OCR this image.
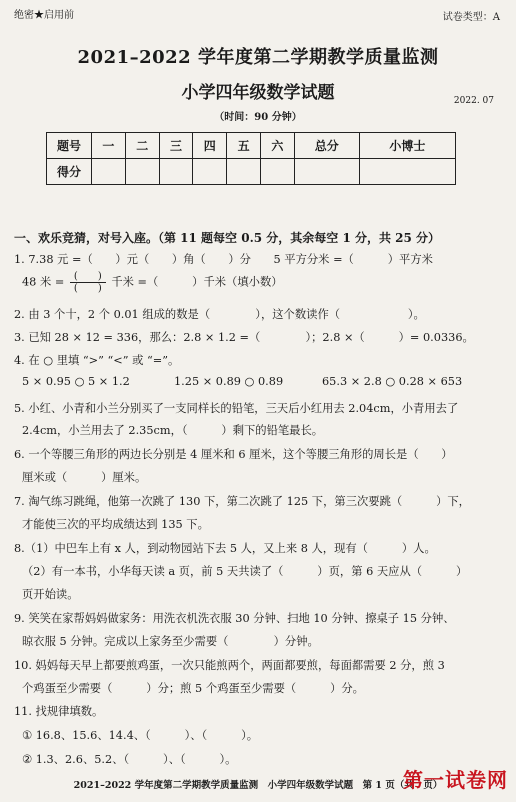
绝密★启用前	试卷类型：A
2021–2022 学年度第二学期教学质量监测
小学四年级数学试题	2022. 07
（时间：90 分钟）
题号	一	二	三	四	五	六	总分	小博士
得分								
一、欢乐竞猜，对号入座。（第 11 题每空 0.5 分，其余每空 1 分，共 25 分）
1. 7.38 元 =（　　）元（　　）角（　　）分　　5 平方分米 =（　　　）平方米
48 米 = $\frac{( )}{( )}$ 千米 =（　　　）千米（填小数）
2. 由 3 个十，2 个 0.01 组成的数是（　　　　），这个数读作（　　　　　　）。
3. 已知 28 × 12 = 336，那么：2.8 × 1.2 =（　　　　）；2.8 ×（　　　）= 0.0336。
4. 在 ○ 里填 “>” “<” 或 “=”。
5 × 0.95 ○ 5 × 1.2	1.25 × 0.89 ○ 0.89	65.3 × 2.8 ○ 0.28 × 653
5. 小红、小青和小兰分别买了一支同样长的铅笔，三天后小红用去 2.04cm，小青用去了
2.4cm，小兰用去了 2.35cm，（　　　）剩下的铅笔最长。
6. 一个等腰三角形的两边长分别是 4 厘米和 6 厘米，这个等腰三角形的周长是（　　）
厘米或（　　　）厘米。
7. 淘气练习跳绳，他第一次跳了 130 下，第二次跳了 125 下，第三次要跳（　　　）下，
才能使三次的平均成绩达到 135 下。
8.（1）中巴车上有 x 人，到动物园站下去 5 人，又上来 8 人，现有（　　　）人。
（2）有一本书，小华每天读 a 页，前 5 天共读了（　　　）页，第 6 天应从（　　　）
页开始读。
9. 笑笑在家帮妈妈做家务：用洗衣机洗衣服 30 分钟、扫地 10 分钟、擦桌子 15 分钟、
晾衣服 5 分钟。完成以上家务至少需要（　　　　）分钟。
10. 妈妈每天早上都要煎鸡蛋，一次只能煎两个，两面都要煎，每面都需要 2 分，煎 3
个鸡蛋至少需要（　　　）分；煎 5 个鸡蛋至少需要（　　　）分。
11. 找规律填数。
① 16.8、15.6、14.4、（　　　）、（　　　）。
② 1.3、2.6、5.2、（　　　）、（　　　）。
2021–2022 学年度第二学期教学质量监测　小学四年级数学试题　第 1 页（共　页）
第一试卷网
